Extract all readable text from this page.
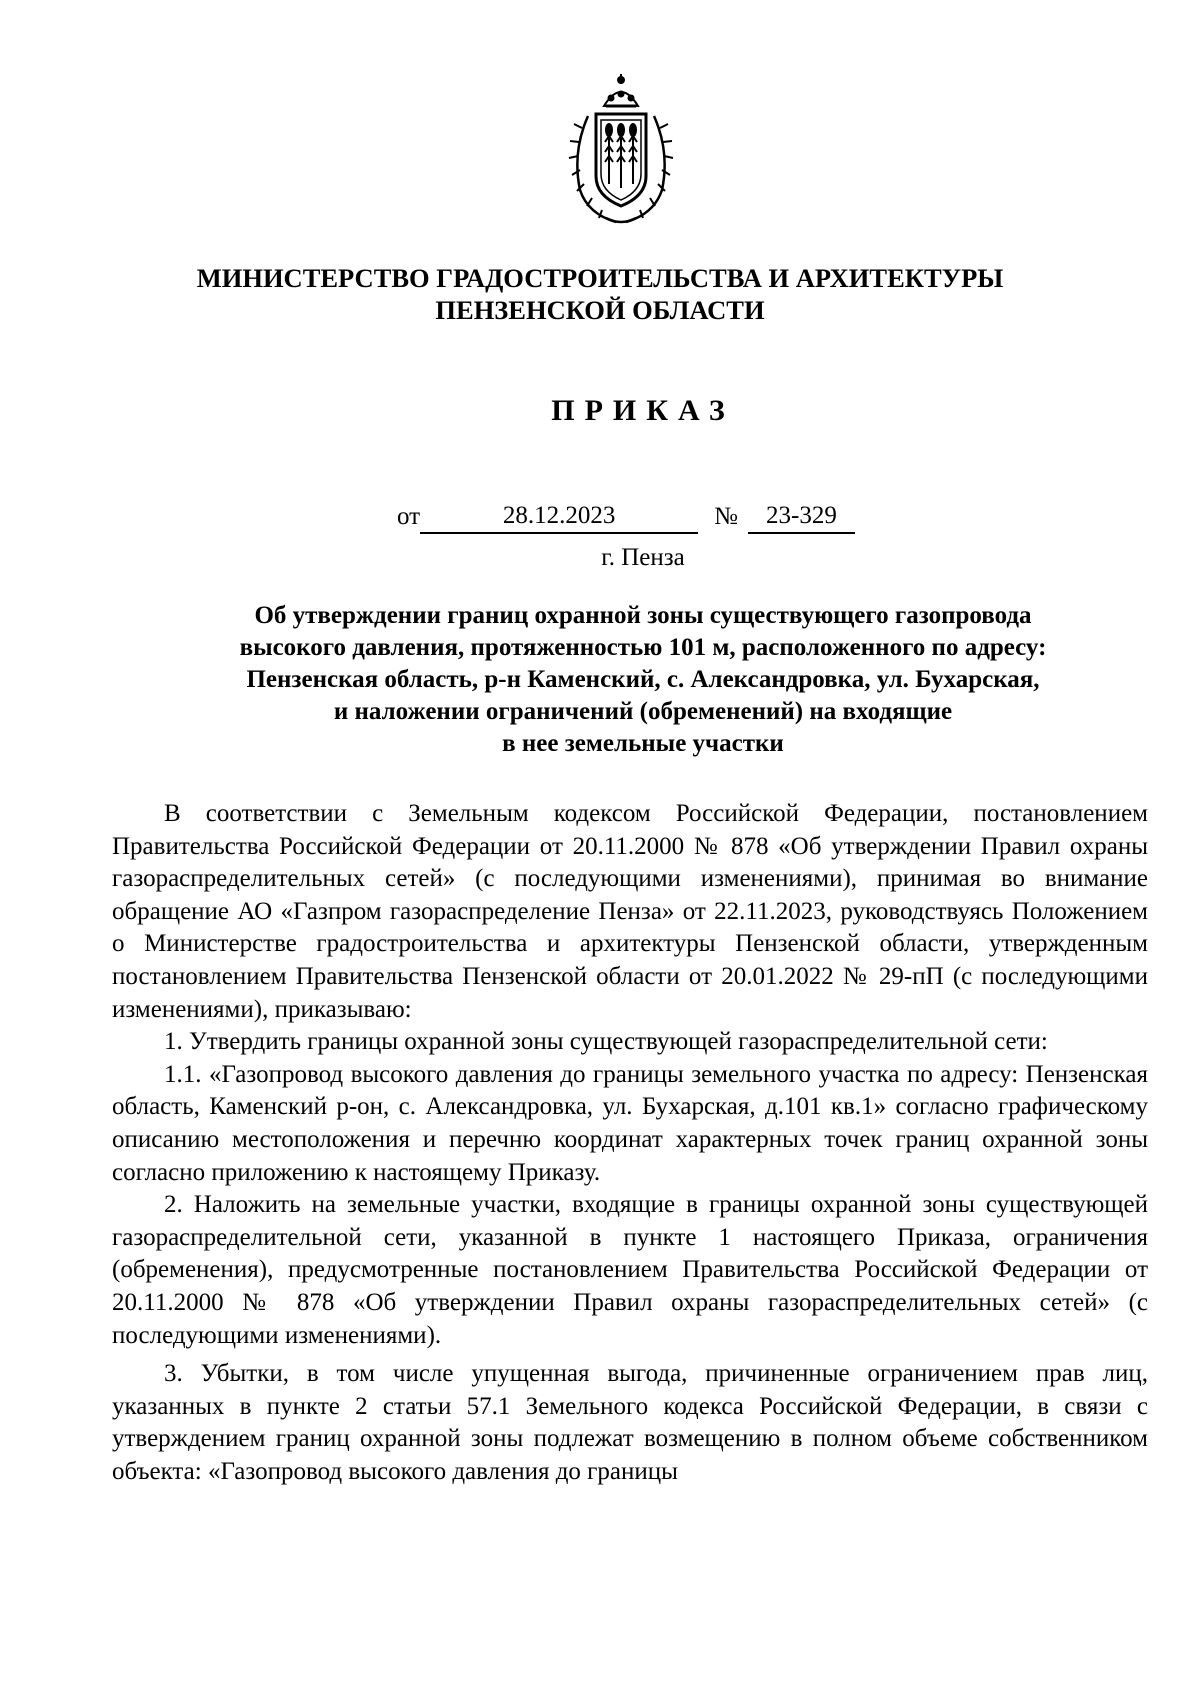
МИНИСТЕРСТВО ГРАДОСТРОИТЕЛЬСТВА И АРХИТЕКТУРЫ
ПЕНЗЕНСКОЙ ОБЛАСТИ
ПРИКАЗ
от	28.12.2023	№ 23-329
г. Пенза
Об утверждении границ охранной зоны существующего газопровода
высокого давления, протяженностью 101 м, расположенного по адресу:
Пензенская область, р-н Каменский, с. Александровка, ул. Бухарская,
и наложении ограничений (обременений) на входящие
в нее земельные участки

В соответствии с Земельным кодексом Российской Федерации, постановлением Правительства Российской Федерации от 20.11.2000 № 878 «Об утверждении Правил охраны газораспределительных сетей» (с последующими изменениями), принимая во внимание обращение АО «Газпром газораспределение Пенза» от 22.11.2023, руководствуясь Положением о Министерстве градостроительства и архитектуры Пензенской области, утвержденным постановлением Правительства Пензенской области от 20.01.2022 № 29-пП (с последующими изменениями), приказываю:

1. Утвердить границы охранной зоны существующей газораспределительной сети:

1.1. «Газопровод высокого давления до границы земельного участка по адресу: Пензенская область, Каменский р-он, с. Александровка, ул. Бухарская, д.101 кв.1» согласно графическому описанию местоположения и перечню координат характерных точек границ охранной зоны согласно приложению к настоящему Приказу.

2. Наложить на земельные участки, входящие в границы охранной зоны существующей газораспределительной сети, указанной в пункте 1 настоящего Приказа, ограничения (обременения), предусмотренные постановлением Правительства Российской Федерации от 20.11.2000 № 878 «Об утверждении Правил охраны газораспределительных сетей» (с последующими изменениями).

3. Убытки, в том числе упущенная выгода, причиненные ограничением прав лиц, указанных в пункте 2 статьи 57.1 Земельного кодекса Российской Федерации, в связи с утверждением границ охранной зоны подлежат возмещению в полном объеме собственником объекта: «Газопровод высокого давления до границы
